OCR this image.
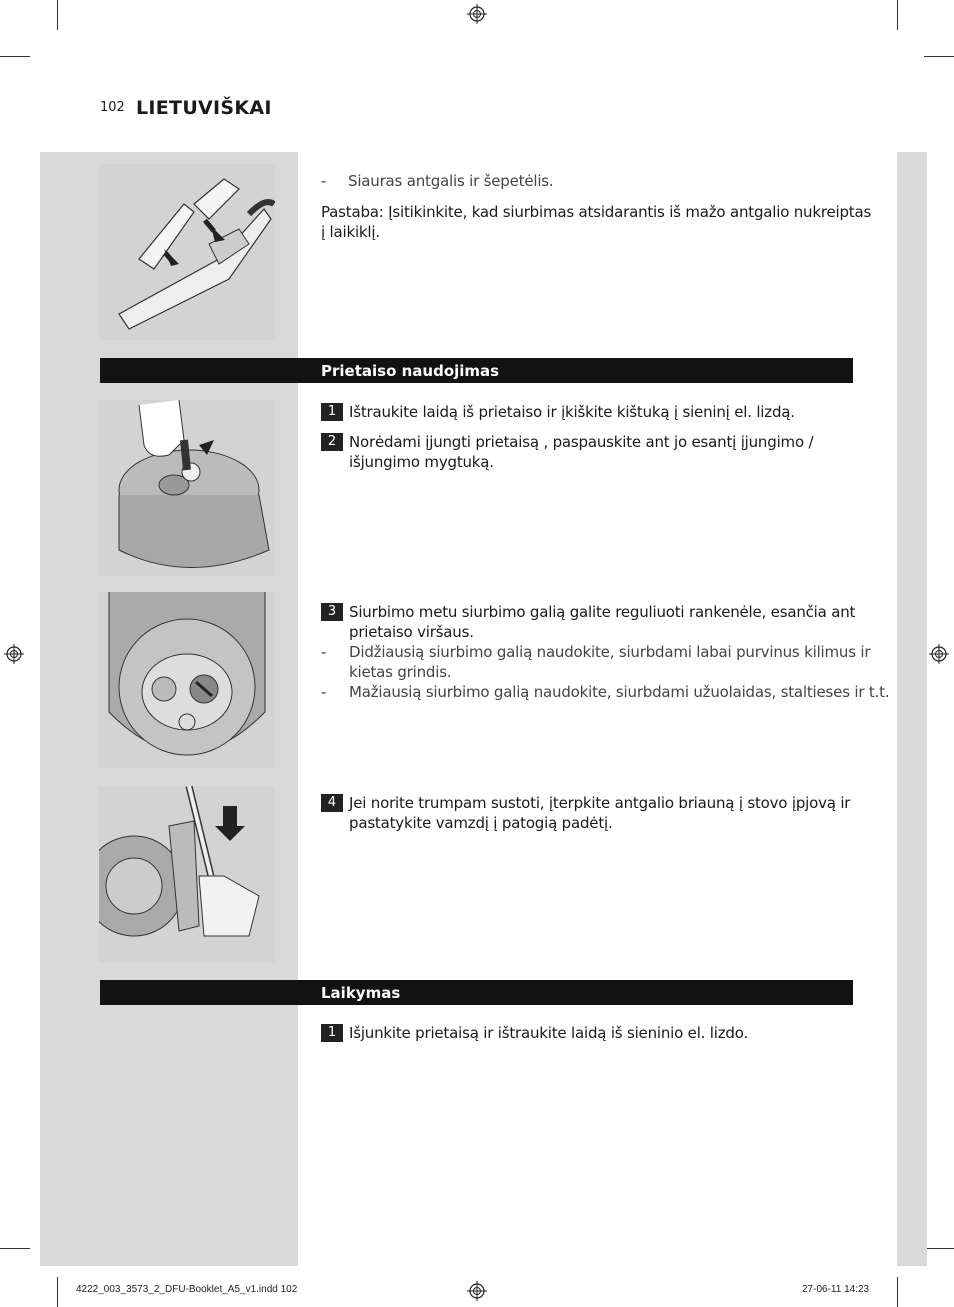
102 LIETUVIŠKAI
- Siauras antgalis ir šepetėlis.
Pastaba: Įsitikinkite, kad siurbimas atsidarantis iš mažo antgalio nukreiptas
į laikiklį.
Prietaiso naudojimas
1 Ištraukite laidą iš prietaiso ir įkiškite kištuką į sieninį el. lizdą.
2 Norėdami įjungti prietaisą , paspauskite ant jo esantį įjungimo /
išjungimo mygtuką.
3 Siurbimo metu siurbimo galią galite reguliuoti rankenėle, esančia ant
prietaiso viršaus.
- Didžiausią siurbimo galią naudokite, siurbdami labai purvinus kilimus ir
kietas grindis.
- Mažiausią siurbimo galią naudokite, siurbdami užuolaidas, staltieses ir t.t.
4 Jei norite trumpam sustoti, įterpkite antgalio briauną į stovo įpjovą ir
pastatykite vamzdį į patogią padėtį.
Laikymas
1 Išjunkite prietaisą ir ištraukite laidą iš sieninio el. lizdo.
4222_003_3573_2_DFU-Booklet_A5_v1.indd 102	27-06-11 14:23
